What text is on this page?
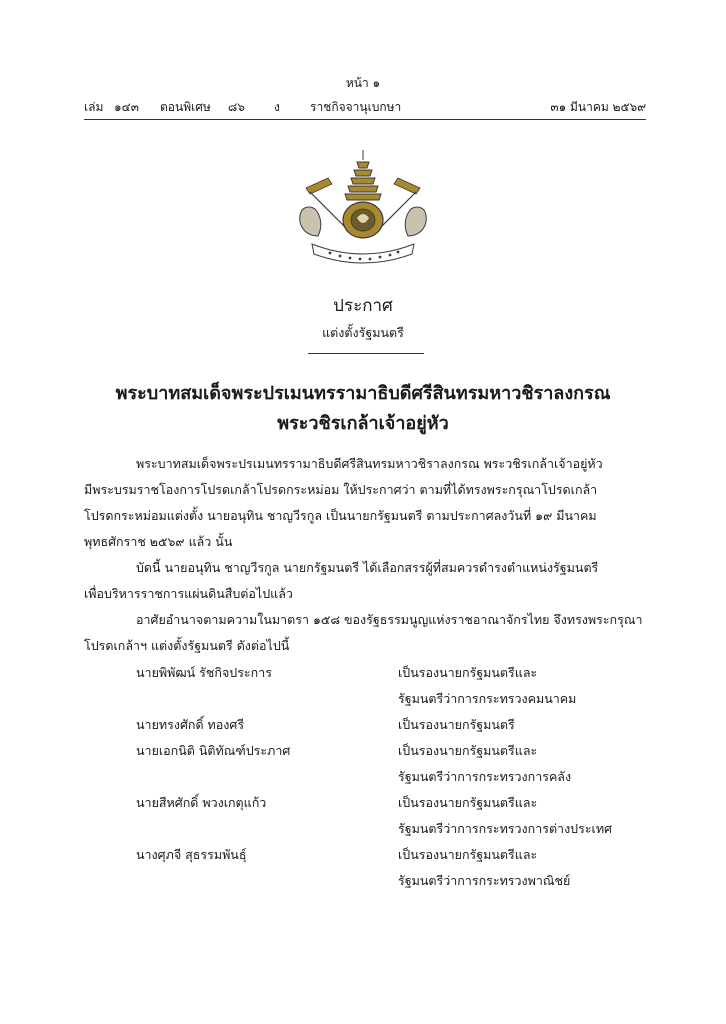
หน้า ๑
เล่ม ๑๔๓ ตอนพิเศษ ๘๖ ง	ราชกิจจานุเบกษา	๓๑ มีนาคม ๒๕๖๙
ประกาศ
แต่งตั้งรัฐมนตรี
พระบาทสมเด็จพระปรเมนทรรามาธิบดีศรีสินทรมหาวชิราลงกรณ
พระวชิรเกล้าเจ้าอยู่หัว
พระบาทสมเด็จพระปรเมนทรรามาธิบดีศรีสินทรมหาวชิราลงกรณ พระวชิรเกล้าเจ้าอยู่หัว
มีพระบรมราชโองการโปรดเกล้าโปรดกระหม่อม ให้ประกาศว่า ตามที่ได้ทรงพระกรุณาโปรดเกล้า
โปรดกระหม่อมแต่งตั้ง นายอนุทิน ชาญวีรกูล เป็นนายกรัฐมนตรี ตามประกาศลงวันที่ ๑๙ มีนาคม
พุทธศักราช ๒๕๖๙ แล้ว นั้น
บัดนี้ นายอนุทิน ชาญวีรกูล นายกรัฐมนตรี ได้เลือกสรรผู้ที่สมควรดำรงตำแหน่งรัฐมนตรี
เพื่อบริหารราชการแผ่นดินสืบต่อไปแล้ว
อาศัยอำนาจตามความในมาตรา ๑๕๘ ของรัฐธรรมนูญแห่งราชอาณาจักรไทย จึงทรงพระกรุณา
โปรดเกล้าฯ แต่งตั้งรัฐมนตรี ดังต่อไปนี้
นายพิพัฒน์ รัชกิจประการ	เป็นรองนายกรัฐมนตรีและ
รัฐมนตรีว่าการกระทรวงคมนาคม
นายทรงศักดิ์ ทองศรี	เป็นรองนายกรัฐมนตรี
นายเอกนิติ นิติทัณฑ์ประภาศ	เป็นรองนายกรัฐมนตรีและ
รัฐมนตรีว่าการกระทรวงการคลัง
นายสีหศักดิ์ พวงเกตุแก้ว	เป็นรองนายกรัฐมนตรีและ
รัฐมนตรีว่าการกระทรวงการต่างประเทศ
นางศุภจี สุธรรมพันธุ์	เป็นรองนายกรัฐมนตรีและ
รัฐมนตรีว่าการกระทรวงพาณิชย์
